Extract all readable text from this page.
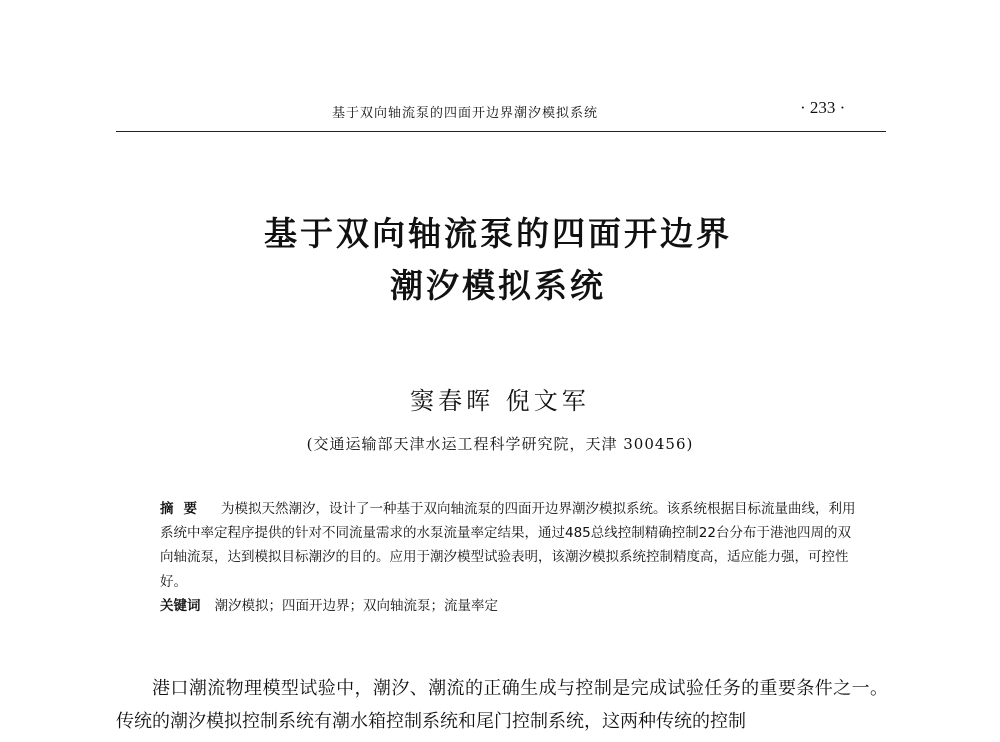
基于双向轴流泵的四面开边界潮汐模拟系统	· 233 ·
基于双向轴流泵的四面开边界
潮汐模拟系统
窦春晖 倪文军
(交通运输部天津水运工程科学研究院，天津 300456)

摘要 为模拟天然潮汐，设计了一种基于双向轴流泵的四面开边界潮汐模拟系统。该系统根据目标流量曲线，利用系统中率定程序提供的针对不同流量需求的水泵流量率定结果，通过485总线控制精确控制22台分布于港池四周的双向轴流泵，达到模拟目标潮汐的目的。应用于潮汐模型试验表明，该潮汐模拟系统控制精度高，适应能力强，可控性好。

关键词 潮汐模拟；四面开边界；双向轴流泵；流量率定

港口潮流物理模型试验中，潮汐、潮流的正确生成与控制是完成试验任务的重要条件之一。传统的潮汐模拟控制系统有潮水箱控制系统和尾门控制系统，这两种传统的控制
